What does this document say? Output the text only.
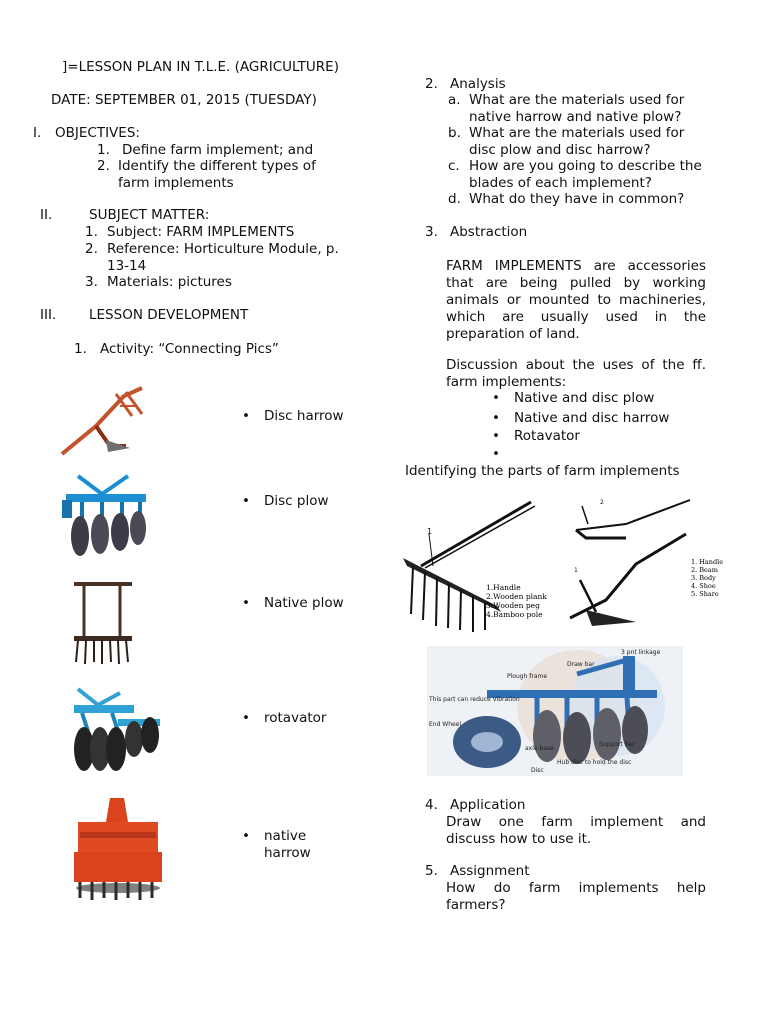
]=LESSON PLAN IN T.L.E. (AGRICULTURE)
DATE: SEPTEMBER 01, 2015 (TUESDAY)
I. OBJECTIVES:
1. Define farm implement; and
2. Identify the different types of farm implements
II.	SUBJECT MATTER:
1. Subject: FARM IMPLEMENTS
2. Reference: Horticulture Module, p. 13-14
3. Materials: pictures
III. LESSON DEVELOPMENT
1. Activity: “Connecting Pics”
• Disc harrow
• Disc plow
• Native plow
• rotavator
• native harrow
2. Analysis
a. What are the materials used for native harrow and native plow?
b. What are the materials used for disc plow and disc harrow?
c. How are you going to describe the blades of each implement?
d. What do they have in common?
3. Abstraction
FARM IMPLEMENTS are accessories that are being pulled by working animals or mounted to machineries, which are usually used in the preparation of land.
Discussion about the uses of the ff. farm implements:
• Native and disc plow
• Native and disc harrow
• Rotavator
Identifying the parts of farm implements
1
1.Handle
2.Wooden plank
3.Wooden peg
4.Bamboo pole
2
1
1. Handle
2. Beam
3. Body
4. Shoe
5. Share
3 pnt linkage
Draw bar
Plough frame
This part can reduce Vibration
End Wheel
axle base
Support bar
Hub disc to hold the disc
Disc
4. Application
Draw one farm implement and discuss how to use it.
5. Assignment
How do farm implements help farmers?
